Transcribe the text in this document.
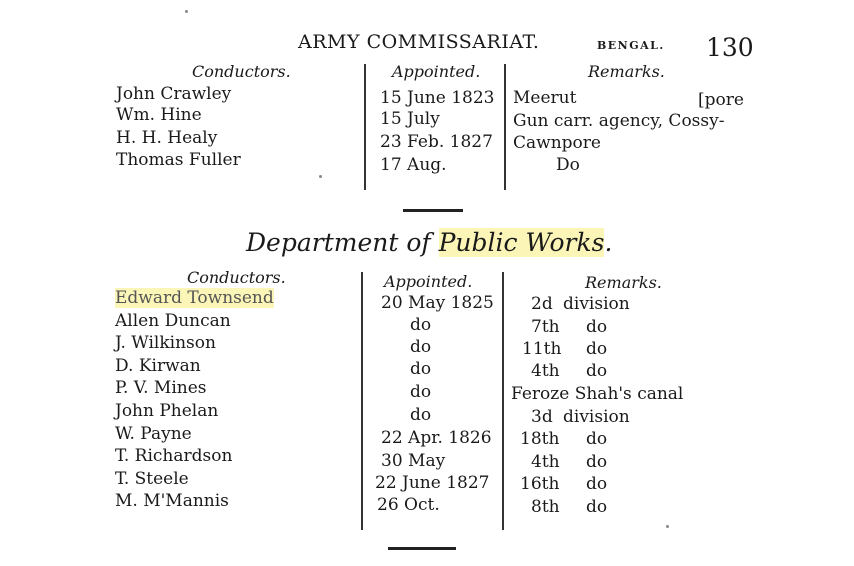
ARMY COMMISSARIAT.	BENGAL. 130
Conductors.	Appointed.	Remarks.
John Crawley	15 June 1823 Meerut	[pore
Wm. Hine	15 July	Gun carr. agency, Cossy-
H. H. Healy	23 Feb. 1827 Cawnpore
Thomas Fuller	17 Aug.	Do
Department of Public Works.
Conductors.	Appointed.	Remarks.
Edward Townsend	20 May 1825 2d division
Allen Duncan	do	7th do
J. Wilkinson	do	11th do
D. Kirwan	do	4th do
P. V. Mines	do	Feroze Shah's canal
John Phelan	do	3d division
W. Payne	22 Apr. 1826 18th do
T. Richardson	30 May	4th do
T. Steele	22 June 1827 16th do
M. M'Mannis	26 Oct.	8th do
